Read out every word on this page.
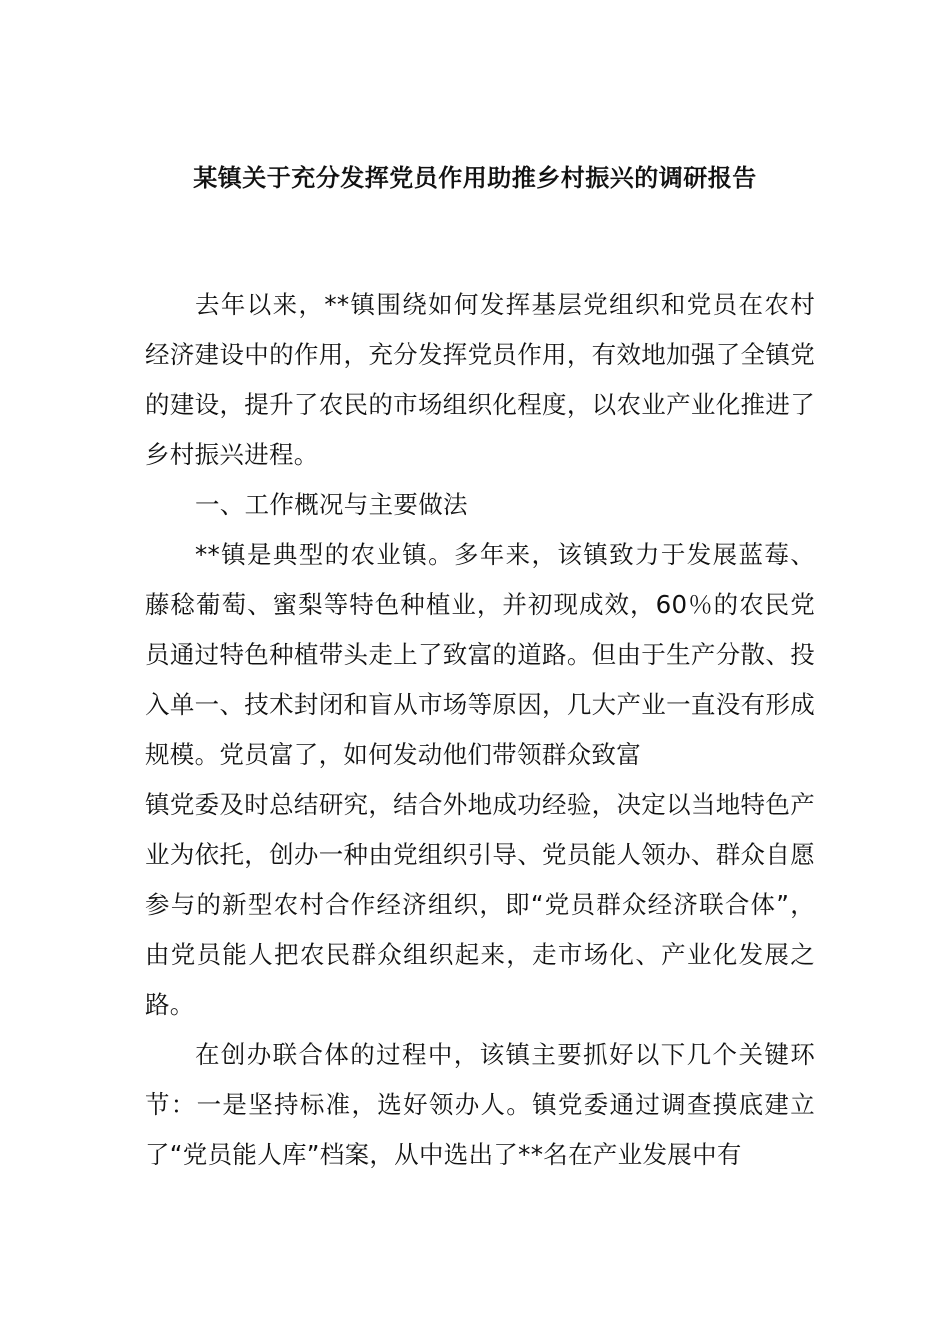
某镇关于充分发挥党员作用助推乡村振兴的调研报告

去年以来，**镇围绕如何发挥基层党组织和党员在农村经济建设中的作用，充分发挥党员作用，有效地加强了全镇党的建设，提升了农民的市场组织化程度，以农业产业化推进了乡村振兴进程。

一、工作概况与主要做法

**镇是典型的农业镇。多年来，该镇致力于发展蓝莓、藤稔葡萄、蜜梨等特色种植业，并初现成效，60％的农民党员通过特色种植带头走上了致富的道路。但由于生产分散、投入单一、技术封闭和盲从市场等原因，几大产业一直没有形成规模。党员富了，如何发动他们带领群众致富

镇党委及时总结研究，结合外地成功经验，决定以当地特色产业为依托，创办一种由党组织引导、党员能人领办、群众自愿参与的新型农村合作经济组织，即“党员群众经济联合体”，由党员能人把农民群众组织起来，走市场化、产业化发展之路。

在创办联合体的过程中，该镇主要抓好以下几个关键环节：一是坚持标准，选好领办人。镇党委通过调查摸底建立了“党员能人库”档案，从中选出了**名在产业发展中有
